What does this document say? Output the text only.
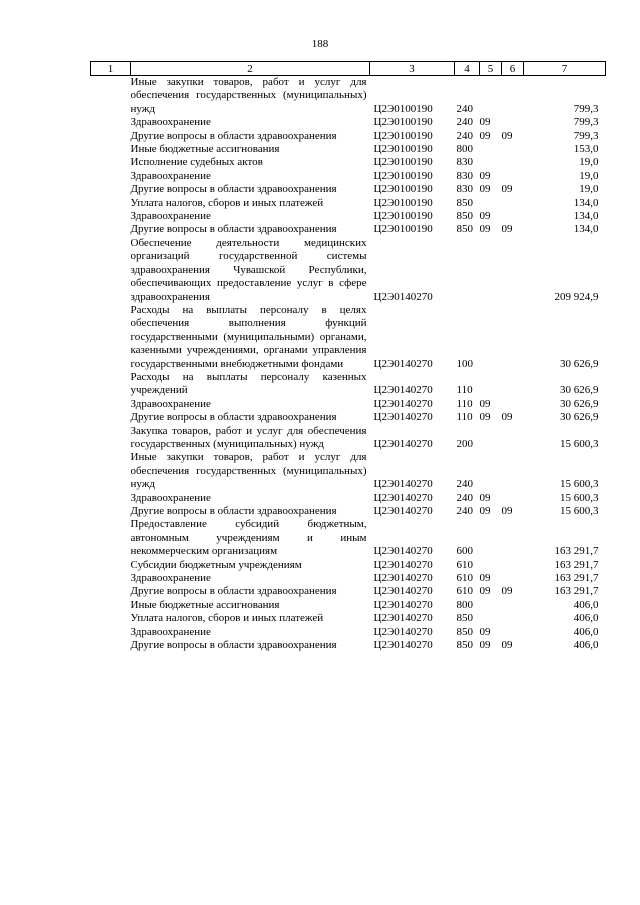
188
1	2	3	4	5	6	7
Иные закупки товаров, работ и услуг для обеспечения государственных (муниципальных) нужд		Ц2Э0100190	240			799,3
Здравоохранение		Ц2Э0100190	240	09		799,3
Другие вопросы в области здравоохранения		Ц2Э0100190	240	09	09	799,3
Иные бюджетные ассигнования		Ц2Э0100190	800			153,0
Исполнение судебных актов		Ц2Э0100190	830			19,0
Здравоохранение		Ц2Э0100190	830	09		19,0
Другие вопросы в области здравоохранения		Ц2Э0100190	830	09	09	19,0
Уплата налогов, сборов и иных платежей		Ц2Э0100190	850			134,0
Здравоохранение		Ц2Э0100190	850	09		134,0
Другие вопросы в области здравоохранения		Ц2Э0100190	850	09	09	134,0
Обеспечение деятельности медицинских организаций государственной системы здравоохранения Чувашской Республики, обеспечивающих предоставление услуг в сфере здравоохранения		Ц2Э0140270				209 924,9
Расходы на выплаты персоналу в целях обеспечения выполнения функций государственными (муниципальными) органами, казенными учреждениями, органами управления государственными внебюджетными фондами		Ц2Э0140270	100			30 626,9
Расходы на выплаты персоналу казенных учреждений		Ц2Э0140270	110			30 626,9
Здравоохранение		Ц2Э0140270	110	09		30 626,9
Другие вопросы в области здравоохранения		Ц2Э0140270	110	09	09	30 626,9
Закупка товаров, работ и услуг для обеспечения государственных (муниципальных) нужд		Ц2Э0140270	200			15 600,3
Иные закупки товаров, работ и услуг для обеспечения государственных (муниципальных) нужд		Ц2Э0140270	240			15 600,3
Здравоохранение		Ц2Э0140270	240	09		15 600,3
Другие вопросы в области здравоохранения		Ц2Э0140270	240	09	09	15 600,3
Предоставление субсидий бюджетным, автономным учреждениям и иным некоммерческим организациям		Ц2Э0140270	600			163 291,7
Субсидии бюджетным учреждениям		Ц2Э0140270	610			163 291,7
Здравоохранение		Ц2Э0140270	610	09		163 291,7
Другие вопросы в области здравоохранения		Ц2Э0140270	610	09	09	163 291,7
Иные бюджетные ассигнования		Ц2Э0140270	800			406,0
Уплата налогов, сборов и иных платежей		Ц2Э0140270	850			406,0
Здравоохранение		Ц2Э0140270	850	09		406,0
Другие вопросы в области здравоохранения		Ц2Э0140270	850	09	09	406,0
